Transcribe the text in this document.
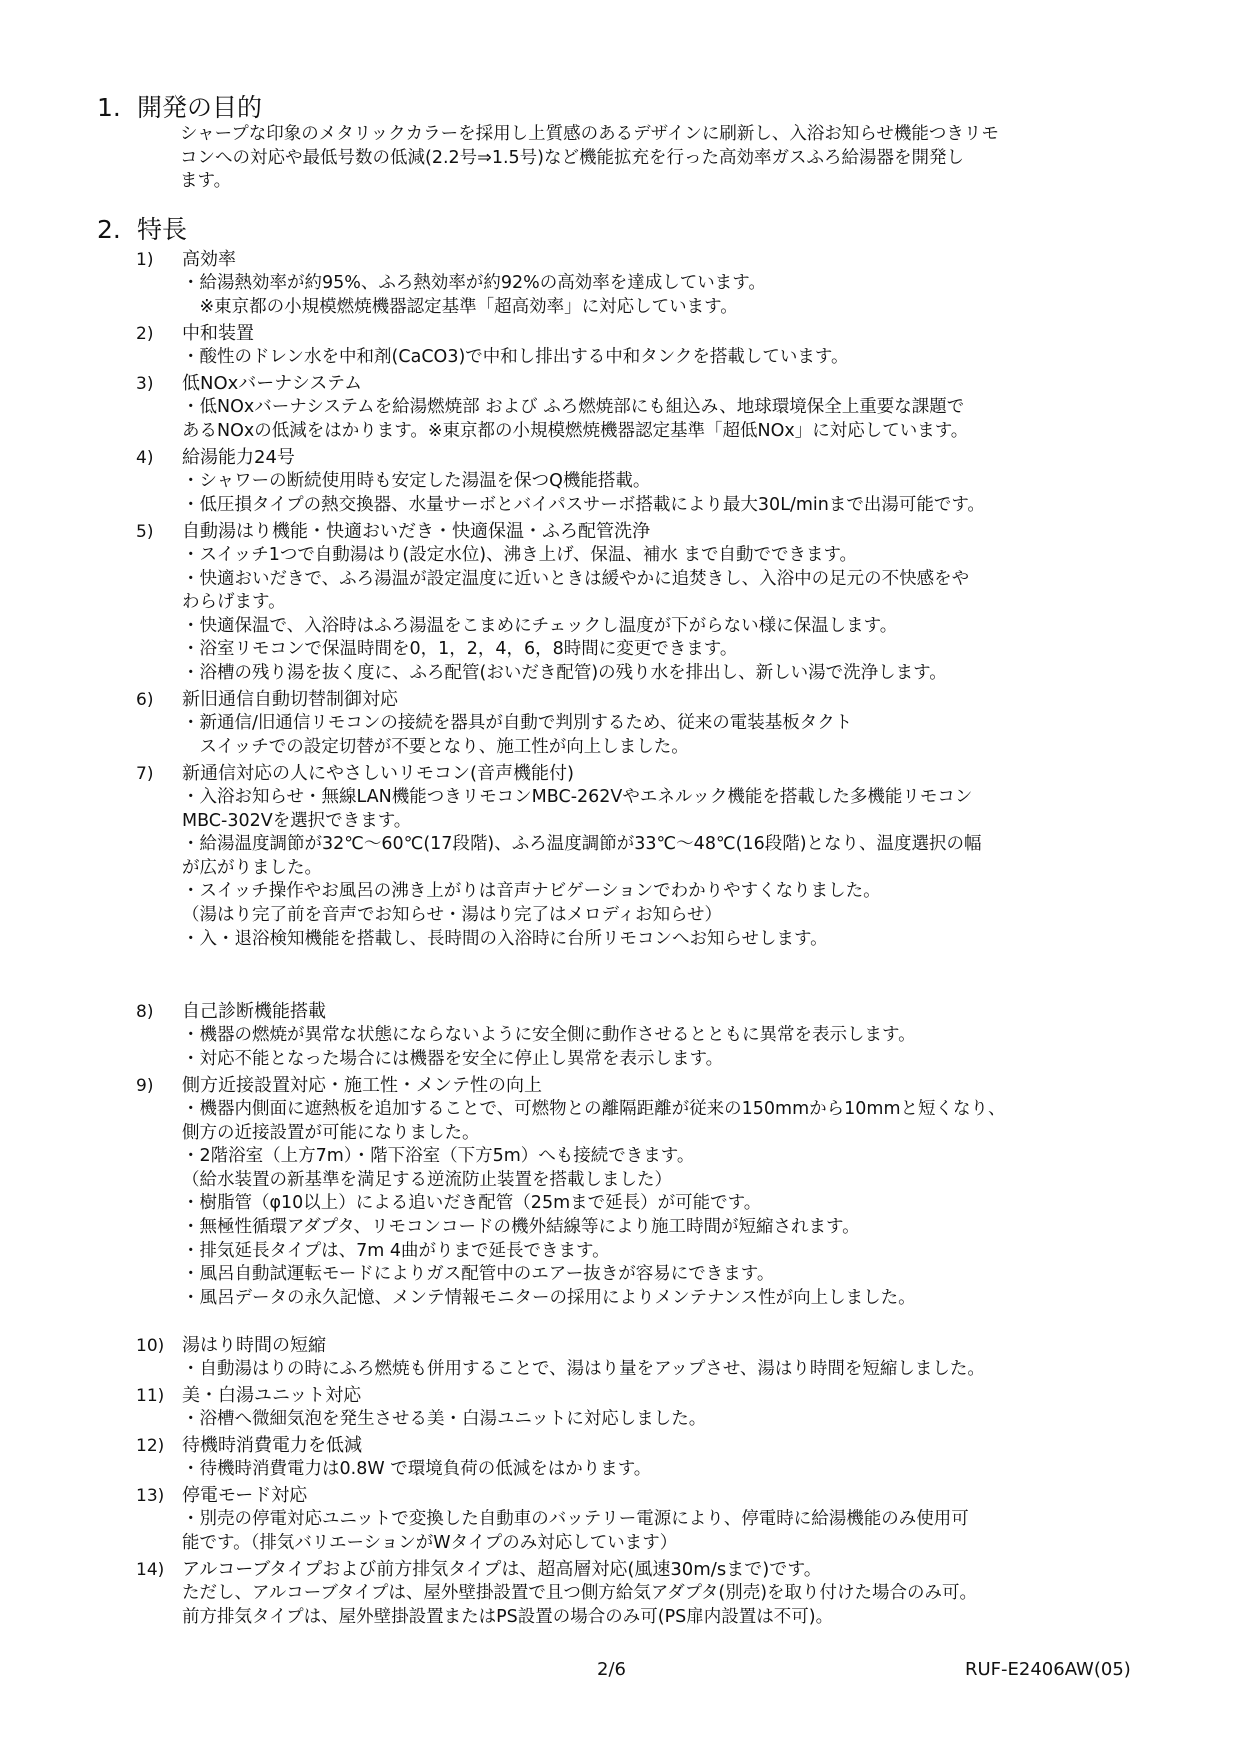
1. 開発の目的
シャープな印象のメタリックカラーを採用し上質感のあるデザインに刷新し、入浴お知らせ機能つきリモ
コンへの対応や最低号数の低減(2.2号⇒1.5号)など機能拡充を行った高効率ガスふろ給湯器を開発し
ます。
2. 特長
1)	高効率
・給湯熱効率が約95%、ふろ熱効率が約92%の高効率を達成しています。
　※東京都の小規模燃焼機器認定基準「超高効率」に対応しています。
2)	中和装置
・酸性のドレン水を中和剤(CaCO3)で中和し排出する中和タンクを搭載しています。
3)	低NOxバーナシステム
・低NOxバーナシステムを給湯燃焼部 および ふろ燃焼部にも組込み、地球環境保全上重要な課題で
あるNOxの低減をはかります。※東京都の小規模燃焼機器認定基準「超低NOx」に対応しています。
4)	給湯能力24号
・シャワーの断続使用時も安定した湯温を保つQ機能搭載。
・低圧損タイプの熱交換器、水量サーボとバイパスサーボ搭載により最大30L/minまで出湯可能です。
5)	自動湯はり機能・快適おいだき・快適保温・ふろ配管洗浄
・スイッチ1つで自動湯はり(設定水位)、沸き上げ、保温、補水 まで自動でできます。
・快適おいだきで、ふろ湯温が設定温度に近いときは緩やかに追焚きし、入浴中の足元の不快感をや
わらげます。
・快適保温で、入浴時はふろ湯温をこまめにチェックし温度が下がらない様に保温します。
・浴室リモコンで保温時間を0，1，2，4，6，8時間に変更できます。
・浴槽の残り湯を抜く度に、ふろ配管(おいだき配管)の残り水を排出し、新しい湯で洗浄します。
6)	新旧通信自動切替制御対応
・新通信/旧通信リモコンの接続を器具が自動で判別するため、従来の電装基板タクト
　スイッチでの設定切替が不要となり、施工性が向上しました。
7)	新通信対応の人にやさしいリモコン(音声機能付)
・入浴お知らせ・無線LAN機能つきリモコンMBC-262Vやエネルック機能を搭載した多機能リモコン
MBC-302Vを選択できます。
・給湯温度調節が32℃～60℃(17段階)、ふろ温度調節が33℃～48℃(16段階)となり、温度選択の幅
が広がりました。
・スイッチ操作やお風呂の沸き上がりは音声ナビゲーションでわかりやすくなりました。
（湯はり完了前を音声でお知らせ・湯はり完了はメロディお知らせ）
・入・退浴検知機能を搭載し、長時間の入浴時に台所リモコンへお知らせします。
8)	自己診断機能搭載
・機器の燃焼が異常な状態にならないように安全側に動作させるとともに異常を表示します。
・対応不能となった場合には機器を安全に停止し異常を表示します。
9)	側方近接設置対応・施工性・メンテ性の向上
・機器内側面に遮熱板を追加することで、可燃物との離隔距離が従来の150mmから10mmと短くなり、
側方の近接設置が可能になりました。
・2階浴室（上方7m）・階下浴室（下方5m）へも接続できます。
（給水装置の新基準を満足する逆流防止装置を搭載しました）
・樹脂管（φ10以上）による追いだき配管（25mまで延長）が可能です。
・無極性循環アダプタ、リモコンコードの機外結線等により施工時間が短縮されます。
・排気延長タイプは、7m 4曲がりまで延長できます。
・風呂自動試運転モードによりガス配管中のエアー抜きが容易にできます。
・風呂データの永久記憶、メンテ情報モニターの採用によりメンテナンス性が向上しました。
10) 湯はり時間の短縮
・自動湯はりの時にふろ燃焼も併用することで、湯はり量をアップさせ、湯はり時間を短縮しました。
11) 美・白湯ユニット対応
・浴槽へ微細気泡を発生させる美・白湯ユニットに対応しました。
12) 待機時消費電力を低減
・待機時消費電力は0.8W で環境負荷の低減をはかります。
13) 停電モード対応
・別売の停電対応ユニットで変換した自動車のバッテリー電源により、停電時に給湯機能のみ使用可
能です。（排気バリエーションがWタイプのみ対応しています）
14) アルコーブタイプおよび前方排気タイプは、超高層対応(風速30m/sまで)です。
ただし、アルコーブタイプは、屋外壁掛設置で且つ側方給気アダプタ(別売)を取り付けた場合のみ可。
前方排気タイプは、屋外壁掛設置またはPS設置の場合のみ可(PS扉内設置は不可)。
2/6	RUF-E2406AW(05)
